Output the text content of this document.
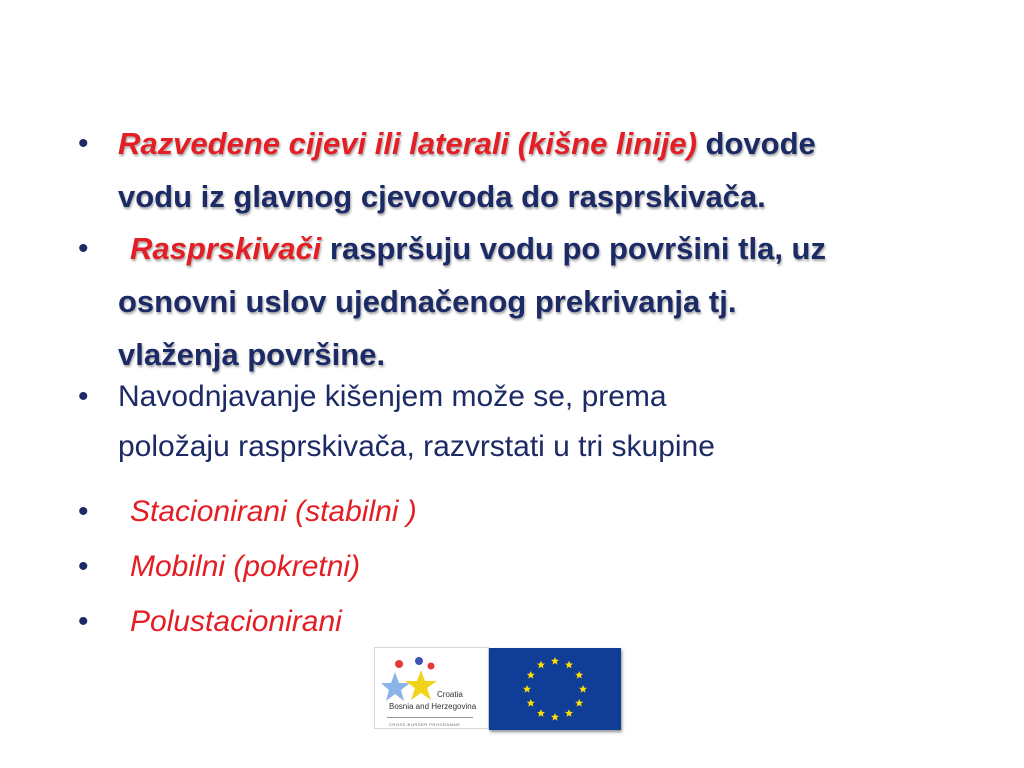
• Razvedene cijevi ili laterali (kišne linije) dovode
vodu iz glavnog cjevovoda do rasprskivača.
•	Rasprskivači raspršuju vodu po površini tla, uz
osnovni uslov ujednačenog prekrivanja tj.
vlaženja površine.
• Navodnjavanje kišenjem može se, prema
položaju rasprskivača, razvrstati u tri skupine
• Stacionirani (stabilni )
• Mobilni (pokretni)
• Polustacionirani
Croatia
Bosnia and Herzegovina
CROSS-BORDER PROGRAMME
